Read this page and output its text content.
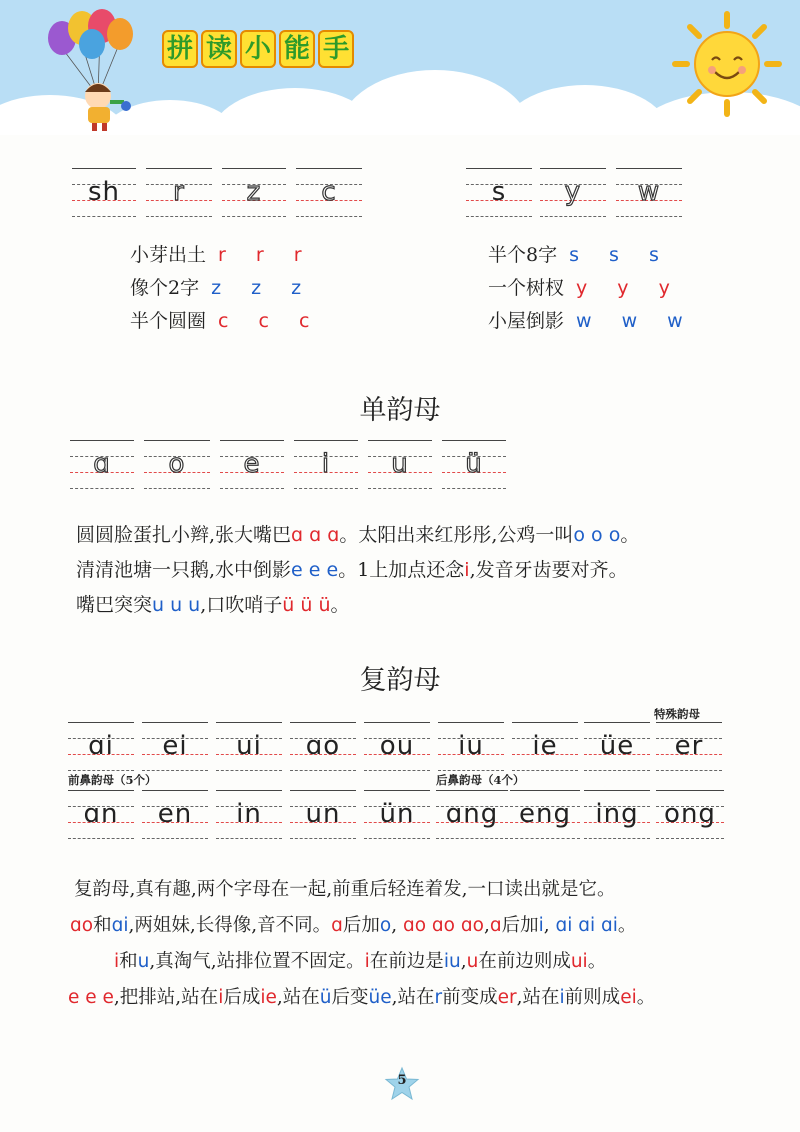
拼 读 小 能 手
sh	r	z	c	s	y	w
小芽出土 r r r
像个2字 z z z
半个圆圈 c c c
半个8字 s s s
一个树杈 y y y
小屋倒影 w w w
单韵母
ɑ	o	e	i	u	ü
圆圆脸蛋扎小辫,张大嘴巴ɑ ɑ ɑ。太阳出来红彤彤,公鸡一叫o o o。
清清池塘一只鹅,水中倒影e e e。1上加点还念i,发音牙齿要对齐。
嘴巴突突u u u,口吹哨子ü ü ü。
复韵母
特殊韵母
ɑi	ei	ui	ɑo	ou	iu	ie	üe	er
前鼻韵母（5个）	后鼻韵母（4个）
ɑn	en	in	un	ün	ɑng eng ing ong
复韵母,真有趣,两个字母在一起,前重后轻连着发,一口读出就是它。
ɑo和ɑi,两姐妹,长得像,音不同。ɑ后加o, ɑo ɑo ɑo,ɑ后加i, ɑi ɑi ɑi。
i和u,真淘气,站排位置不固定。i在前边是iu,u在前边则成ui。
e e e,把排站,站在i后成ie,站在ü后变üe,站在r前变成er,站在i前则成ei。
5
